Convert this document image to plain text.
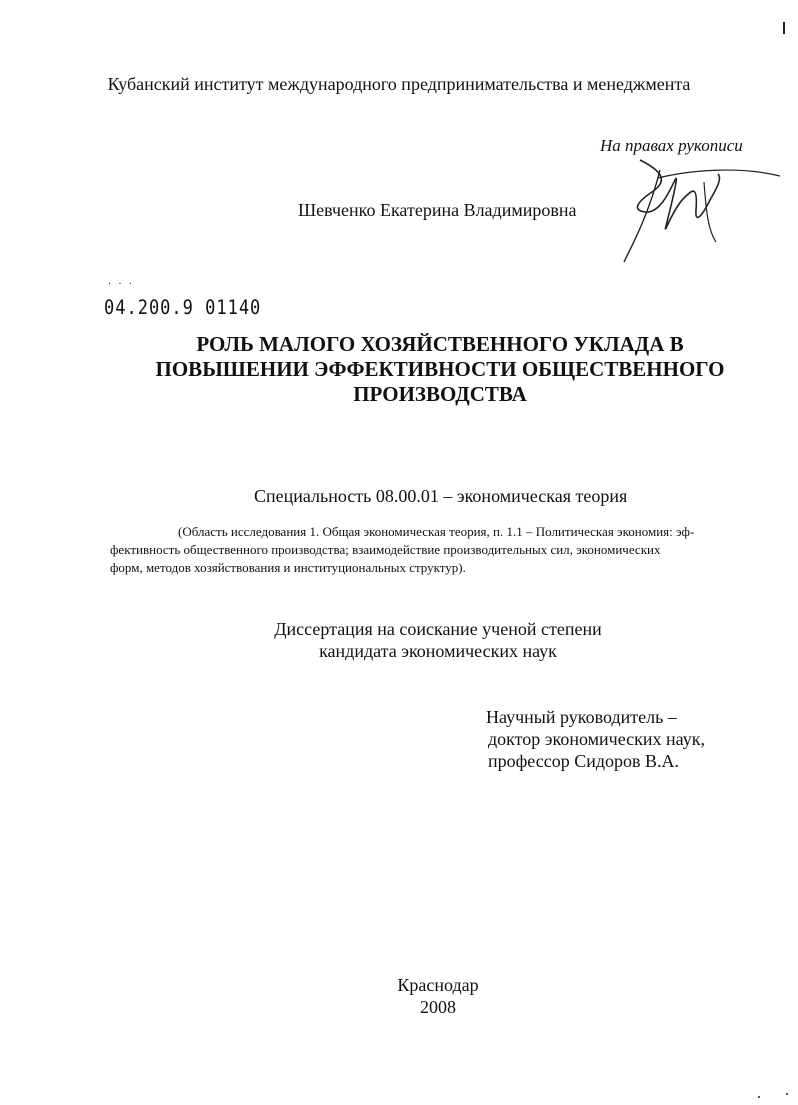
Кубанский институт международного предпринимательства и менеджмента
На правах рукописи
Шевченко Екатерина Владимировна
· · ·
04.200.9 01140
РОЛЬ МАЛОГО ХОЗЯЙСТВЕННОГО УКЛАДА В
ПОВЫШЕНИИ ЭФФЕКТИВНОСТИ ОБЩЕСТВЕННОГО
ПРОИЗВОДСТВА
Специальность 08.00.01 – экономическая теория
(Область исследования 1. Общая экономическая теория, п. 1.1 – Политическая экономия: эф-
фективность общественного производства; взаимодействие производительных сил, экономических
форм, методов хозяйствования и институциональных структур).
Диссертация на соискание ученой степени
кандидата экономических наук
Научный руководитель –
доктор экономических наук,
профессор Сидоров В.А.
Краснодар
2008
